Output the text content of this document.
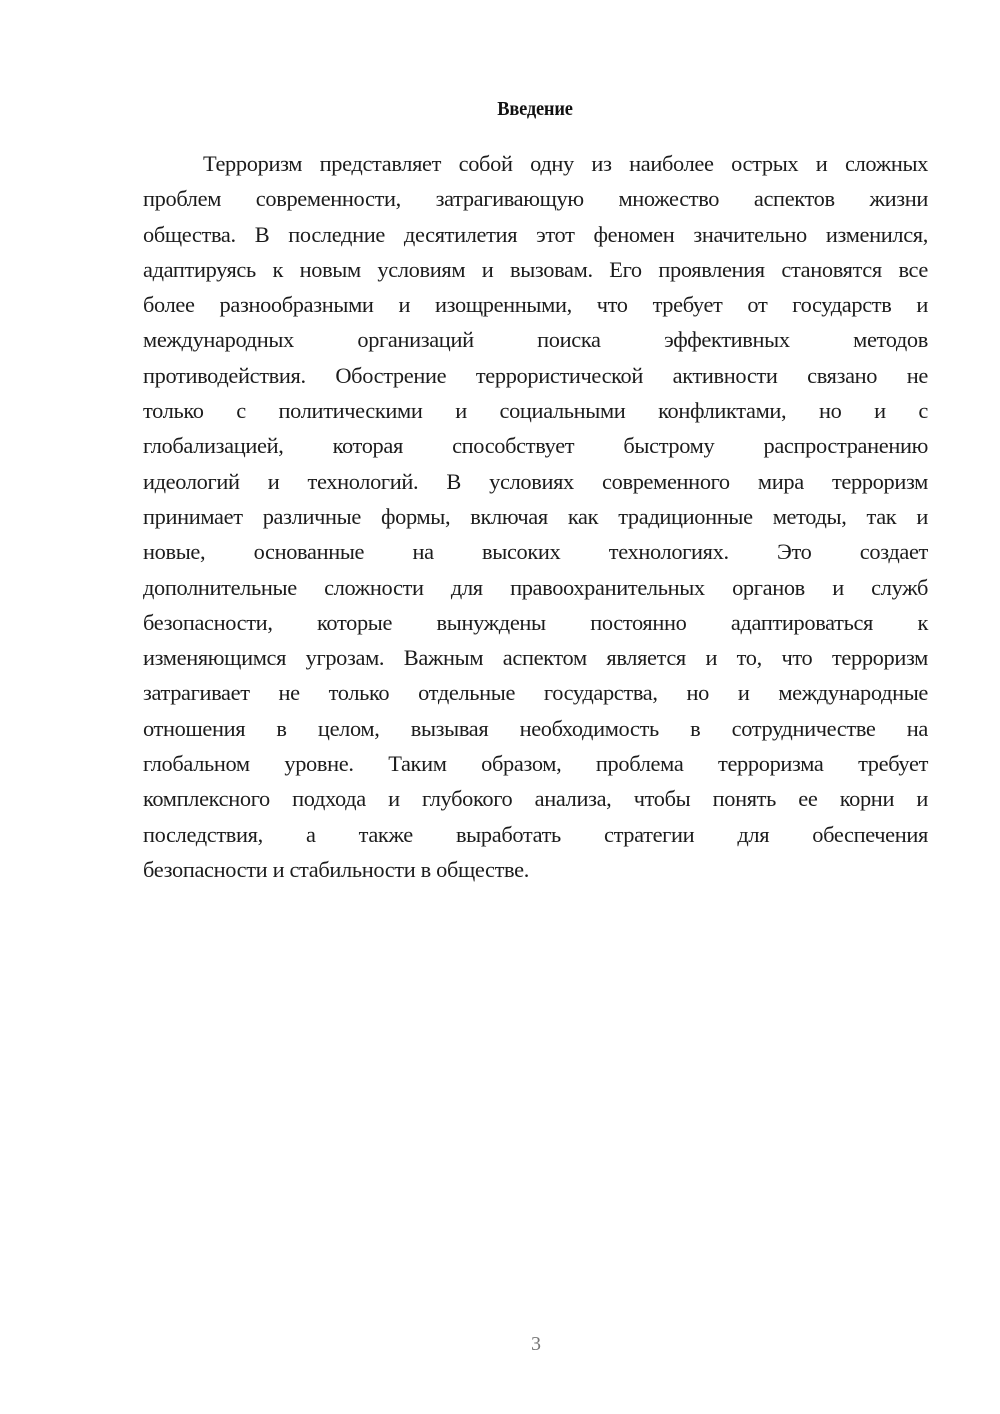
Введение
Терроризм представляет собой одну из наиболее острых и сложных
проблем современности, затрагивающую множество аспектов жизни
общества. В последние десятилетия этот феномен значительно изменился,
адаптируясь к новым условиям и вызовам. Его проявления становятся все
более разнообразными и изощренными, что требует от государств и
международных организаций поиска эффективных методов
противодействия. Обострение террористической активности связано не
только с политическими и социальными конфликтами, но и с
глобализацией, которая способствует быстрому распространению
идеологий и технологий. В условиях современного мира терроризм
принимает различные формы, включая как традиционные методы, так и
новые, основанные на высоких технологиях. Это создает
дополнительные сложности для правоохранительных органов и служб
безопасности, которые вынуждены постоянно адаптироваться к
изменяющимся угрозам. Важным аспектом является и то, что терроризм
затрагивает не только отдельные государства, но и международные
отношения в целом, вызывая необходимость в сотрудничестве на
глобальном уровне. Таким образом, проблема терроризма требует
комплексного подхода и глубокого анализа, чтобы понять ее корни и
последствия, а также выработать стратегии для обеспечения
безопасности и стабильности в обществе.
3
